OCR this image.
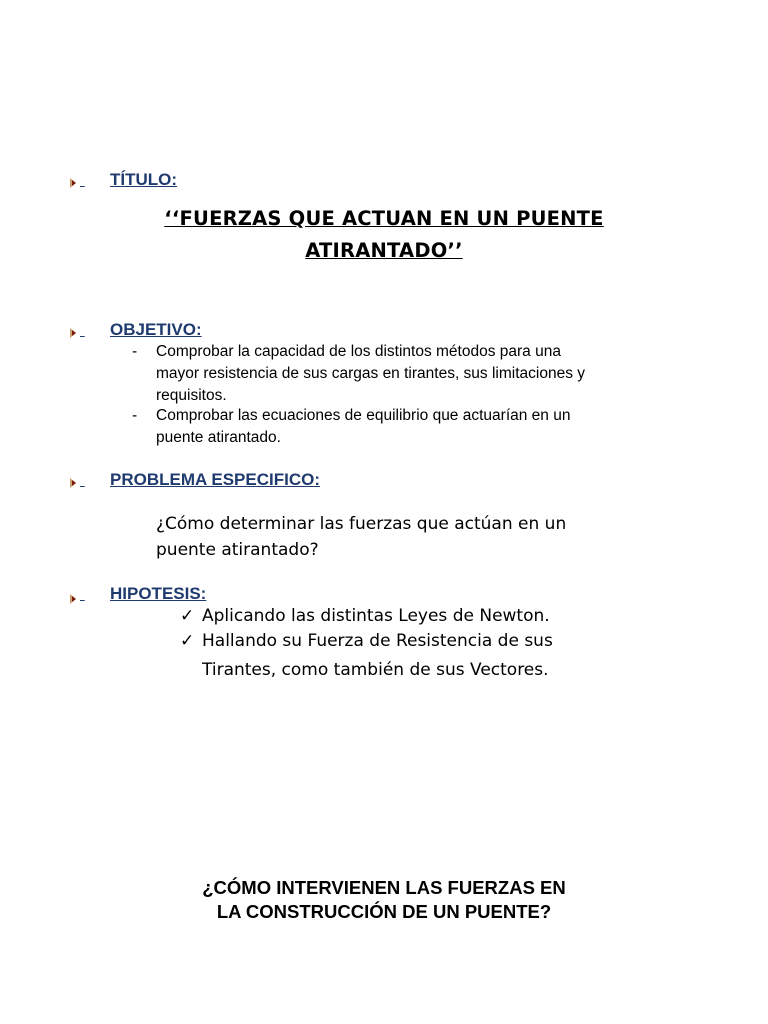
TÍTULO:
‘‘FUERZAS QUE ACTUAN EN UN PUENTE
ATIRANTADO’’
OBJETIVO:
- Comprobar la capacidad de los distintos métodos para una
mayor resistencia de sus cargas en tirantes, sus limitaciones y
requisitos.
- Comprobar las ecuaciones de equilibrio que actuarían en un
puente atirantado.
PROBLEMA ESPECIFICO:
¿Cómo determinar las fuerzas que actúan en un
puente atirantado?
HIPOTESIS:
✓ Aplicando las distintas Leyes de Newton.
✓ Hallando su Fuerza de Resistencia de sus
Tirantes, como también de sus Vectores.
¿CÓMO INTERVIENEN LAS FUERZAS EN
LA CONSTRUCCIÓN DE UN PUENTE?
